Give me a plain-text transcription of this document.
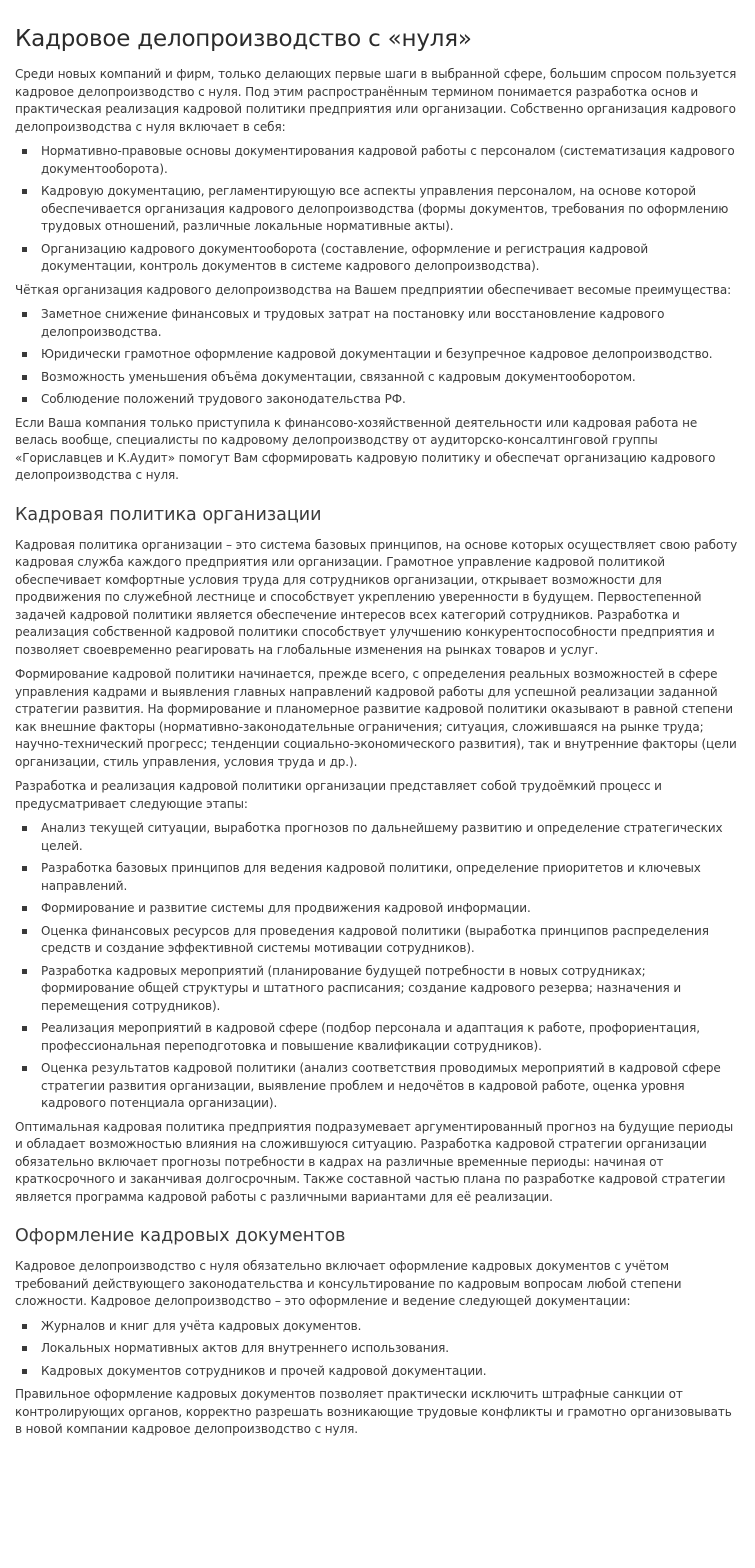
Кадровое делопроизводство с «нуля»

Среди новых компаний и фирм, только делающих первые шаги в выбранной сфере, большим спросом пользуется кадровое делопроизводство с нуля. Под этим распространённым термином понимается разработка основ и практическая реализация кадровой политики предприятия или организации. Собственно организация кадрового делопроизводства с нуля включает в себя:

Нормативно-правовые основы документирования кадровой работы с персоналом (систематизация кадрового документооборота).
Кадровую документацию, регламентирующую все аспекты управления персоналом, на основе которой обеспечивается организация кадрового делопроизводства (формы документов, требования по оформлению трудовых отношений, различные локальные нормативные акты).
Организацию кадрового документооборота (составление, оформление и регистрация кадровой документации, контроль документов в системе кадрового делопроизводства).

Чёткая организация кадрового делопроизводства на Вашем предприятии обеспечивает весомые преимущества:

Заметное снижение финансовых и трудовых затрат на постановку или восстановление кадрового делопроизводства.
Юридически грамотное оформление кадровой документации и безупречное кадровое делопроизводство.
Возможность уменьшения объёма документации, связанной с кадровым документооборотом.
Соблюдение положений трудового законодательства РФ.

Если Ваша компания только приступила к финансово-хозяйственной деятельности или кадровая работа не велась вообще, специалисты по кадровому делопроизводству от аудиторско-консалтинговой группы «Гориславцев и К.Аудит» помогут Вам сформировать кадровую политику и обеспечат организацию кадрового делопроизводства с нуля.

Кадровая политика организации

Кадровая политика организации – это система базовых принципов, на основе которых осуществляет свою работу кадровая служба каждого предприятия или организации. Грамотное управление кадровой политикой обеспечивает комфортные условия труда для сотрудников организации, открывает возможности для продвижения по служебной лестнице и способствует укреплению уверенности в будущем. Первостепенной задачей кадровой политики является обеспечение интересов всех категорий сотрудников. Разработка и реализация собственной кадровой политики способствует улучшению конкурентоспособности предприятия и позволяет своевременно реагировать на глобальные изменения на рынках товаров и услуг.

Формирование кадровой политики начинается, прежде всего, с определения реальных возможностей в сфере управления кадрами и выявления главных направлений кадровой работы для успешной реализации заданной стратегии развития. На формирование и планомерное развитие кадровой политики оказывают в равной степени как внешние факторы (нормативно-законодательные ограничения; ситуация, сложившаяся на рынке труда; научно-технический прогресс; тенденции социально-экономического развития), так и внутренние факторы (цели организации, стиль управления, условия труда и др.).

Разработка и реализация кадровой политики организации представляет собой трудоёмкий процесс и предусматривает следующие этапы:

Анализ текущей ситуации, выработка прогнозов по дальнейшему развитию и определение стратегических целей.
Разработка базовых принципов для ведения кадровой политики, определение приоритетов и ключевых направлений.
Формирование и развитие системы для продвижения кадровой информации.
Оценка финансовых ресурсов для проведения кадровой политики (выработка принципов распределения средств и создание эффективной системы мотивации сотрудников).
Разработка кадровых мероприятий (планирование будущей потребности в новых сотрудниках; формирование общей структуры и штатного расписания; создание кадрового резерва; назначения и перемещения сотрудников).
Реализация мероприятий в кадровой сфере (подбор персонала и адаптация к работе, профориентация, профессиональная переподготовка и повышение квалификации сотрудников).
Оценка результатов кадровой политики (анализ соответствия проводимых мероприятий в кадровой сфере стратегии развития организации, выявление проблем и недочётов в кадровой работе, оценка уровня кадрового потенциала организации).

Оптимальная кадровая политика предприятия подразумевает аргументированный прогноз на будущие периоды и обладает возможностью влияния на сложившуюся ситуацию. Разработка кадровой стратегии организации обязательно включает прогнозы потребности в кадрах на различные временные периоды: начиная от краткосрочного и заканчивая долгосрочным. Также составной частью плана по разработке кадровой стратегии является программа кадровой работы с различными вариантами для её реализации.

Оформление кадровых документов

Кадровое делопроизводство с нуля обязательно включает оформление кадровых документов с учётом требований действующего законодательства и консультирование по кадровым вопросам любой степени сложности. Кадровое делопроизводство – это оформление и ведение следующей документации:

Журналов и книг для учёта кадровых документов.
Локальных нормативных актов для внутреннего использования.
Кадровых документов сотрудников и прочей кадровой документации.

Правильное оформление кадровых документов позволяет практически исключить штрафные санкции от контролирующих органов, корректно разрешать возникающие трудовые конфликты и грамотно организовывать в новой компании кадровое делопроизводство с нуля.
